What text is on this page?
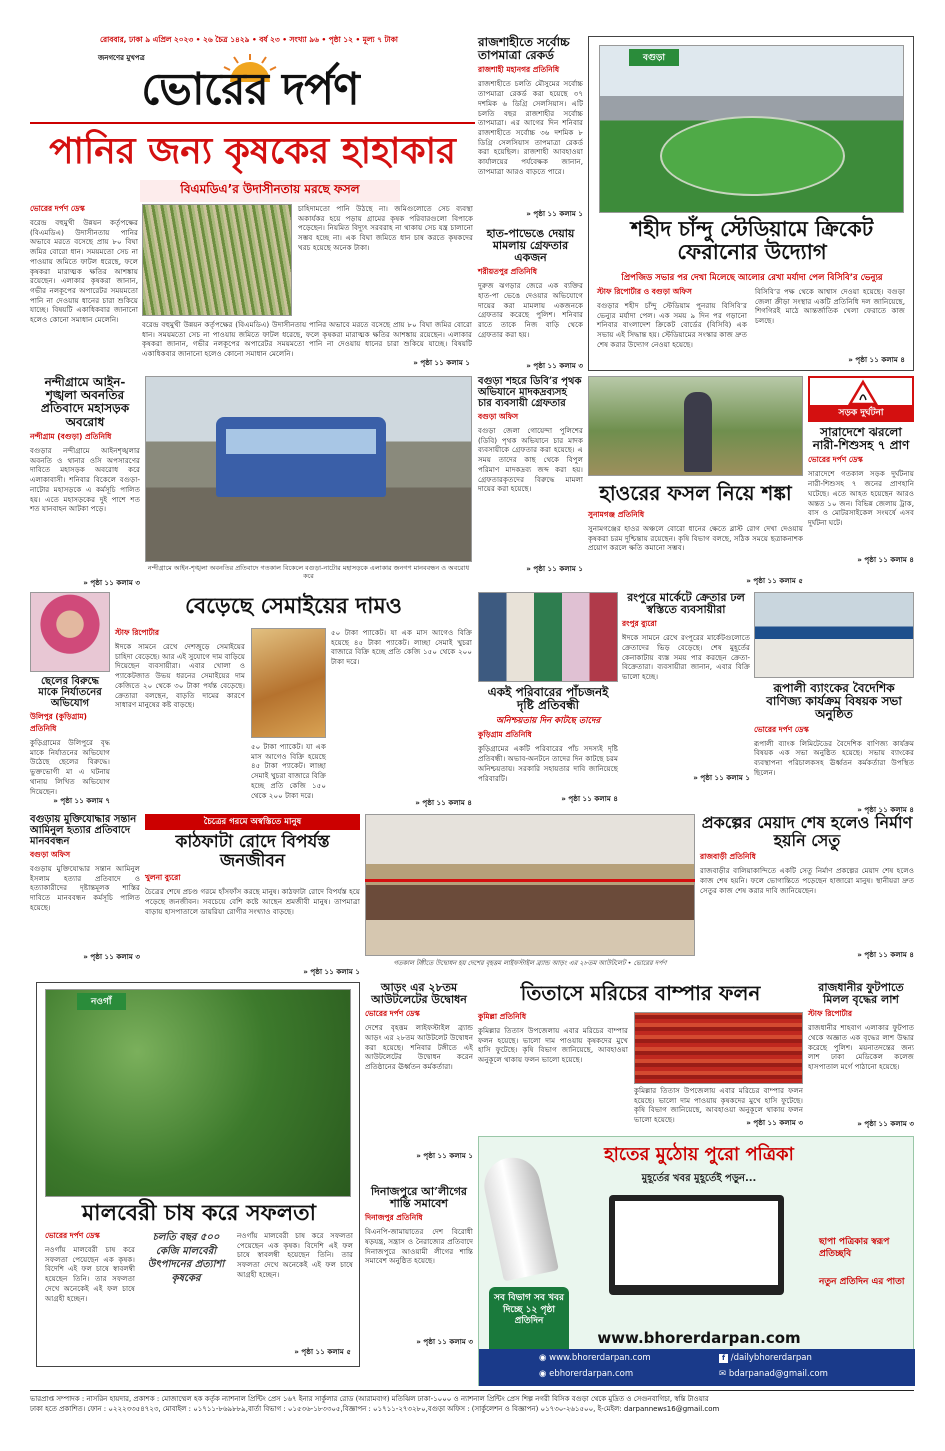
রোববার, ঢাকা ৯ এপ্রিল ২০২৩ • ২৬ চৈত্র ১৪২৯ • বর্ষ ২৩ • সংখ্যা ৯৬ • পৃষ্ঠা ১২ • মূল্য ৭ টাকা
জনগণের মুখপত্র
ভোরের দর্পণ
পানির জন্য কৃষকের হাহাকার
বিএমডিএ’র উদাসীনতায় মরছে ফসল
ভোরের দর্পণ ডেস্ক
বরেন্দ্র বহুমুখী উন্নয়ন কর্তৃপক্ষের (বিএমডিএ) উদাসীনতায় পানির অভাবে মরতে বসেছে প্রায় ৮০ বিঘা জমির বোরো ধান। সময়মতো সেচ না পাওয়ায় জমিতে ফাটল ধরেছে, ফলে কৃষকরা মারাত্মক ক্ষতির আশঙ্কায় রয়েছেন। এলাকার কৃষকরা জানান, গভীর নলকূপের অপারেটর সময়মতো পানি না দেওয়ায় ধানের চারা শুকিয়ে যাচ্ছে। বিষয়টি একাধিকবার জানানো হলেও কোনো সমাধান মেলেনি।
চাহিদামতো পানি উঠছে না। জমিগুলোতে সেচ ব্যবস্থা অকার্যকর হয়ে পড়ায় গ্রামের কৃষক পরিবারগুলো বিপাকে পড়েছেন। নিয়মিত বিদ্যুৎ সরবরাহ না থাকায় সেচ যন্ত্র চালানো সম্ভব হচ্ছে না। এক বিঘা জমিতে ধান চাষ করতে কৃষকদের খরচ হয়েছে অনেক টাকা।
বরেন্দ্র বহুমুখী উন্নয়ন কর্তৃপক্ষের (বিএমডিএ) উদাসীনতায় পানির অভাবে মরতে বসেছে প্রায় ৮০ বিঘা জমির বোরো ধান। সময়মতো সেচ না পাওয়ায় জমিতে ফাটল ধরেছে, ফলে কৃষকরা মারাত্মক ক্ষতির আশঙ্কায় রয়েছেন। এলাকার কৃষকরা জানান, গভীর নলকূপের অপারেটর সময়মতো পানি না দেওয়ায় ধানের চারা শুকিয়ে যাচ্ছে। বিষয়টি একাধিকবার জানানো হলেও কোনো সমাধান মেলেনি।
» পৃষ্ঠা ১১ কলাম ১
রাজশাহীতে সর্বোচ্চ তাপমাত্রা রেকর্ড
রাজশাহী মহানগর প্রতিনিধি
রাজশাহীতে চলতি মৌসুমের সর্বোচ্চ তাপমাত্রা রেকর্ড করা হয়েছে ৩৭ দশমিক ৬ ডিগ্রি সেলসিয়াস। এটি চলতি বছর রাজশাহীর সর্বোচ্চ তাপমাত্রা। এর আগের দিন শনিবার রাজশাহীতে সর্বোচ্চ ৩৬ দশমিক ৮ ডিগ্রি সেলসিয়াস তাপমাত্রা রেকর্ড করা হয়েছিল। রাজশাহী আবহাওয়া কার্যালয়ের পর্যবেক্ষক জানান, তাপমাত্রা আরও বাড়তে পারে।
» পৃষ্ঠা ১১ কলাম ১
হাত-পাভেঙে দেয়ায় মামলায় গ্রেফতার একজন
শরীয়তপুর প্রতিনিধি
দুরুজ ঝগড়ার জেরে এক ব্যক্তির হাত-পা ভেঙে দেওয়ার অভিযোগে দায়ের করা মামলায় একজনকে গ্রেফতার করেছে পুলিশ। শনিবার রাতে তাকে নিজ বাড়ি থেকে গ্রেফতার করা হয়।
» পৃষ্ঠা ১১ কলাম ৩
বগুড়া
শহীদ চাঁন্দু স্টেডিয়ামে ক্রিকেট ফেরানোর উদ্যোগ
প্রিপজিড সভার পর দেখা মিলেছে আলোর রেখা মর্যাদা পেল বিসিবি’র ভেন্যুর
স্টাফ রিপোর্টার ও বগুড়া অফিস
বগুড়ার শহীদ চাঁন্দু স্টেডিয়াম পুনরায় বিসিবি’র ভেন্যুর মর্যাদা পেল। এক সময় ৯ দিন পর গড়ানো শনিবার বাংলাদেশ ক্রিকেট বোর্ডের (বিসিবি) এক সভায় এই সিদ্ধান্ত হয়। স্টেডিয়ামের সংস্কার কাজ দ্রুত শেষ করার উদ্যোগ নেওয়া হয়েছে।
বিসিবি’র পক্ষ থেকে আশ্বাস দেওয়া হয়েছে। বগুড়া জেলা ক্রীড়া সংস্থার একটি প্রতিনিধি দল জানিয়েছে, শিগগিরই মাঠে আন্তর্জাতিক খেলা ফেরাতে কাজ চলছে।
» পৃষ্ঠা ১১ কলাম ৪
নন্দীগ্রামে আইন-শৃঙ্খলা অবনতির প্রতিবাদে মহাসড়ক অবরোধ
নন্দীগ্রাম (বগুড়া) প্রতিনিধি
বগুড়ার নন্দীগ্রামে আইনশৃঙ্খলার অবনতি ও থানার ওসি অপসারণের দাবিতে মহাসড়ক অবরোধ করে এলাকাবাসী। শনিবার বিকেলে বগুড়া-নাটোর মহাসড়কে এ কর্মসূচি পালিত হয়। এতে মহাসড়কের দুই পাশে শত শত যানবাহন আটকা পড়ে।
» পৃষ্ঠা ১১ কলাম ৩
নন্দীগ্রামে আইন-শৃঙ্খলা অবনতির প্রতিবাদে গতকাল বিকেলে বগুড়া-নাটোর মহাসড়কে এলাকার জনগণ মানববন্ধন ও অবরোধ করে
বগুড়া শহরে ডিবি’র পৃথক অভিযানে মাদকদ্রব্যসহ চার ব্যবসায়ী গ্রেফতার
বগুড়া অফিস
বগুড়া জেলা গোয়েন্দা পুলিশের (ডিবি) পৃথক অভিযানে চার মাদক ব্যবসায়ীকে গ্রেফতার করা হয়েছে। এ সময় তাদের কাছ থেকে বিপুল পরিমাণ মাদকদ্রব্য জব্দ করা হয়। গ্রেফতারকৃতদের বিরুদ্ধে মামলা দায়ের করা হয়েছে।
» পৃষ্ঠা ১১ কলাম ১
হাওরের ফসল নিয়ে শঙ্কা
সুনামগঞ্জ প্রতিনিধি
সুনামগঞ্জের হাওর অঞ্চলে বোরো ধানের ক্ষেতে ব্লাস্ট রোগ দেখা দেওয়ায় কৃষকরা চরম দুশ্চিন্তায় রয়েছেন। কৃষি বিভাগ বলছে, সঠিক সময়ে ছত্রাকনাশক প্রয়োগ করলে ক্ষতি কমানো সম্ভব।
» পৃষ্ঠা ১১ কলাম ৫
সড়ক দুর্ঘটনা
সারাদেশে ঝরলো নারী-শিশুসহ ৭ প্রাণ
ভোরের দর্পণ ডেস্ক
সারাদেশে গতকাল সড়ক দুর্ঘটনায় নারী-শিশুসহ ৭ জনের প্রাণহানি ঘটেছে। এতে আহত হয়েছেন আরও অন্তত ১০ জন। বিভিন্ন জেলায় ট্রাক, বাস ও মোটরসাইকেল সংঘর্ষে এসব দুর্ঘটনা ঘটে।
» পৃষ্ঠা ১১ কলাম ৪
ছেলের বিরুদ্ধে মাকে নির্যাতনের অভিযোগ
উলিপুর (কুড়িগ্রাম) প্রতিনিধি
কুড়িগ্রামের উলিপুরে বৃদ্ধ মাকে নির্যাতনের অভিযোগ উঠেছে ছেলের বিরুদ্ধে। ভুক্তভোগী মা এ ঘটনায় থানায় লিখিত অভিযোগ দিয়েছেন।
» পৃষ্ঠা ১১ কলাম ৭
বেড়েছে সেমাইয়ের দামও
স্টাফ রিপোর্টার
ঈদকে সামনে রেখে দেশজুড়ে সেমাইয়ের চাহিদা বেড়েছে। আর এই সুযোগে দাম বাড়িয়ে দিয়েছেন ব্যবসায়ীরা। এবার খোলা ও প্যাকেটজাত উভয় ধরনের সেমাইয়ের দাম কেজিতে ২০ থেকে ৩০ টাকা পর্যন্ত বেড়েছে। ক্রেতারা বলছেন, বাড়তি দামের কারণে সাধারণ মানুষের কষ্ট বাড়ছে।
৫০ টাকা প্যাকেট। যা এক মাস আগেও বিক্রি হয়েছে ৪৫ টাকা প্যাকেট। লাচ্ছা সেমাই খুচরা বাজারে বিক্রি হচ্ছে প্রতি কেজি ১৫০ থেকে ২০০ টাকা দরে।
৫০ টাকা প্যাকেট। যা এক মাস আগেও বিক্রি হয়েছে ৪৫ টাকা প্যাকেট। লাচ্ছা সেমাই খুচরা বাজারে বিক্রি হচ্ছে প্রতি কেজি ১৫০ থেকে ২০০ টাকা দরে।
» পৃষ্ঠা ১১ কলাম ৪
একই পরিবারের পাঁচজনই দৃষ্টি প্রতিবন্ধী
অনিশ্চয়তায় দিন কাটছে তাদের
কুড়িগ্রাম প্রতিনিধি
কুড়িগ্রামের একটি পরিবারের পাঁচ সদস্যই দৃষ্টি প্রতিবন্ধী। অভাব-অনটনে তাদের দিন কাটছে চরম অনিশ্চয়তায়। সরকারি সহায়তার দাবি জানিয়েছে পরিবারটি।
» পৃষ্ঠা ১১ কলাম ৪
রংপুরে মার্কেটে ক্রেতার ঢল স্বস্তিতে ব্যবসায়ীরা
রংপুর ব্যুরো
ঈদকে সামনে রেখে রংপুরের মার্কেটগুলোতে ক্রেতাদের ভিড় বেড়েছে। শেষ মুহূর্তের কেনাকাটায় ব্যস্ত সময় পার করছেন ক্রেতা-বিক্রেতারা। ব্যবসায়ীরা জানান, এবার বিক্রি ভালো হচ্ছে।
» পৃষ্ঠা ১১ কলাম ১
রূপালী ব্যাংকের বৈদেশিক বাণিজ্য কার্যক্রম বিষয়ক সভা অনুষ্ঠিত
ভোরের দর্পণ ডেস্ক
রূপালী ব্যাংক লিমিটেডের বৈদেশিক বাণিজ্য কার্যক্রম বিষয়ক এক সভা অনুষ্ঠিত হয়েছে। সভায় ব্যাংকের ব্যবস্থাপনা পরিচালকসহ ঊর্ধ্বতন কর্মকর্তারা উপস্থিত ছিলেন।
» পৃষ্ঠা ১১ কলাম ৪
বগুড়ায় মুক্তিযোদ্ধার সন্তান আমিনুল হত্যার প্রতিবাদে মানববন্ধন
বগুড়া অফিস
বগুড়ায় মুক্তিযোদ্ধার সন্তান আমিনুল ইসলাম হত্যার প্রতিবাদে ও হত্যাকারীদের দৃষ্টান্তমূলক শাস্তির দাবিতে মানববন্ধন কর্মসূচি পালিত হয়েছে।
» পৃষ্ঠা ১১ কলাম ৩
চৈত্রের গরমে অস্বস্তিতে মানুষ
কাঠফাটা রোদে বিপর্যস্ত জনজীবন
খুলনা ব্যুরো
চৈত্রের শেষে প্রচণ্ড গরমে হাঁসফাঁস করছে মানুষ। কাঠফাটা রোদে বিপর্যস্ত হয়ে পড়েছে জনজীবন। সবচেয়ে বেশি কষ্টে আছেন শ্রমজীবী মানুষ। তাপমাত্রা বাড়ায় হাসপাতালে ডায়রিয়া রোগীর সংখ্যাও বাড়ছে।
» পৃষ্ঠা ১১ কলাম ১
গতকাল টঙ্গীতে উদ্বোধন হয় দেশের বৃহত্তম লাইফস্টাইল ব্র্যান্ড আড়ং এর ২৮তম আউটলেট • ভোরের দর্পণ
প্রকল্পের মেয়াদ শেষ হলেও নির্মাণ হয়নি সেতু
রাজবাড়ী প্রতিনিধি
রাজবাড়ীর বালিয়াকান্দিতে একটি সেতু নির্মাণ প্রকল্পের মেয়াদ শেষ হলেও কাজ শেষ হয়নি। ফলে ভোগান্তিতে পড়েছেন হাজারো মানুষ। স্থানীয়রা দ্রুত সেতুর কাজ শেষ করার দাবি জানিয়েছেন।
» পৃষ্ঠা ১১ কলাম ৪
নওগাঁ
মালবেরী চাষ করে সফলতা
ভোরের দর্পণ ডেস্ক
নওগাঁয় মালবেরী চাষ করে সফলতা পেয়েছেন এক কৃষক। বিদেশি এই ফল চাষে স্বাবলম্বী হয়েছেন তিনি। তার সফলতা দেখে অনেকেই এই ফল চাষে আগ্রহী হচ্ছেন।
চলতি বছর ৫০০ কেজি মালবেরী উৎপাদনের প্রত্যাশা কৃষকের
নওগাঁয় মালবেরী চাষ করে সফলতা পেয়েছেন এক কৃষক। বিদেশি এই ফল চাষে স্বাবলম্বী হয়েছেন তিনি। তার সফলতা দেখে অনেকেই এই ফল চাষে আগ্রহী হচ্ছেন।
» পৃষ্ঠা ১১ কলাম ৫
আড়ং এর ২৮তম আউটলেটের উদ্বোধন
ভোরের দর্পণ ডেস্ক
দেশের বৃহত্তম লাইফস্টাইল ব্র্যান্ড আড়ং এর ২৮তম আউটলেট উদ্বোধন করা হয়েছে। শনিবার টঙ্গীতে এই আউটলেটের উদ্বোধন করেন প্রতিষ্ঠানের ঊর্ধ্বতন কর্মকর্তারা।
» পৃষ্ঠা ১১ কলাম ১
দিনাজপুরে আ’লীগের শান্তি সমাবেশ
দিনাজপুর প্রতিনিধি
বিএনপি-জামায়াতের দেশ বিরোধী ষড়যন্ত্র, সন্ত্রাস ও নৈরাজ্যের প্রতিবাদে দিনাজপুরে আওয়ামী লীগের শান্তি সমাবেশ অনুষ্ঠিত হয়েছে।
» পৃষ্ঠা ১১ কলাম ৩
তিতাসে মরিচের বাম্পার ফলন
কুমিল্লা প্রতিনিধি
কুমিল্লার তিতাস উপজেলায় এবার মরিচের বাম্পার ফলন হয়েছে। ভালো দাম পাওয়ায় কৃষকদের মুখে হাসি ফুটেছে। কৃষি বিভাগ জানিয়েছে, আবহাওয়া অনুকূলে থাকায় ফলন ভালো হয়েছে।
কুমিল্লার তিতাস উপজেলায় এবার মরিচের বাম্পার ফলন হয়েছে। ভালো দাম পাওয়ায় কৃষকদের মুখে হাসি ফুটেছে। কৃষি বিভাগ জানিয়েছে, আবহাওয়া অনুকূলে থাকায় ফলন ভালো হয়েছে।	» পৃষ্ঠা ১১ কলাম ৩
রাজধানীর ফুটপাতে মিলল বৃদ্ধের লাশ
স্টাফ রিপোর্টার
রাজধানীর শাহবাগ এলাকার ফুটপাত থেকে অজ্ঞাত এক বৃদ্ধের লাশ উদ্ধার করেছে পুলিশ। ময়নাতদন্তের জন্য লাশ ঢাকা মেডিকেল কলেজ হাসপাতাল মর্গে পাঠানো হয়েছে।
» পৃষ্ঠা ১১ কলাম ৩
হাতের মুঠোয় পুরো পত্রিকা
মুহূর্তের খবর মুহূর্তেই পড়ুন...
সব বিভাগ সব খবর দিচ্ছে ১২ পৃষ্ঠা প্রতিদিন
ছাপা পত্রিকার স্বরূপ প্রতিচ্ছবি
নতুন প্রতিদিন এর পাতা
www.bhorerdarpan.com
◉ www.bhorerdarpan.com
◉ ebhorerdarpan.com
f /dailybhorerdarpan
✉ bdarpanad@gmail.com
ভারপ্রাপ্ত সম্পাদক : নাসরিন হায়দার, প্রকাশক : মোজাম্মেল হক কর্তৃক ন্যাশনাল প্রিন্টিং প্রেস ১৬৭ ইনার সার্কুলার রোড (আরামবাগ) মতিঝিল ঢাকা-১০০০ ও ন্যাশনাল প্রিন্টিং প্রেস শিল্প নগরী বিসিক বগুড়া থেকে মুদ্রিত ও সেগুনবাগিচা, স্বন্তি টাওয়ার
ঢাকা হতে প্রকাশিত। ফোন : ০২২২৩৩৫৪৭২৩, মোবাইল : ০১৭১১-৮৬৯৮৮৯,বার্তা বিভাগ : ০১৫৩৬-১৮৩৩০৫,বিজ্ঞাপন : ০১৭১১-২৭৩২৮০,বগুড়া অফিস : (সার্কুলেশন ও বিজ্ঞাপন) ০১৭৩০-২৬১৫০০, ই-মেইল: darpannews16@gmail.com
